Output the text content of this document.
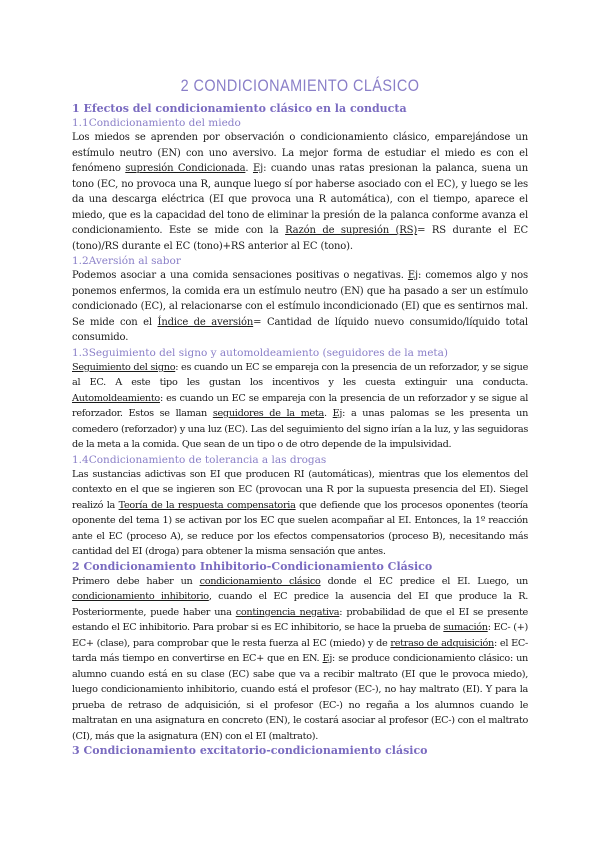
2 CONDICIONAMIENTO CLÁSICO
1 Efectos del condicionamiento clásico en la conducta
1.1Condicionamiento del miedo

Los miedos se aprenden por observación o condicionamiento clásico, emparejándose un estímulo neutro (EN) con uno aversivo. La mejor forma de estudiar el miedo es con el fenómeno supresión Condicionada. Ej: cuando unas ratas presionan la palanca, suena un tono (EC, no provoca una R, aunque luego sí por haberse asociado con el EC), y luego se les da una descarga eléctrica (EI que provoca una R automática), con el tiempo, aparece el miedo, que es la capacidad del tono de eliminar la presión de la palanca conforme avanza el condicionamiento. Este se mide con la Razón de supresión (RS)= RS durante el EC (tono)/RS durante el EC (tono)+RS anterior al EC (tono).

1.2Aversión al sabor

Podemos asociar a una comida sensaciones positivas o negativas. Ej: comemos algo y nos ponemos enfermos, la comida era un estímulo neutro (EN) que ha pasado a ser un estímulo condicionado (EC), al relacionarse con el estímulo incondicionado (EI) que es sentirnos mal. Se mide con el Índice de aversión= Cantidad de líquido nuevo consumido/líquido total consumido.

1.3Seguimiento del signo y automoldeamiento (seguidores de la meta)

Seguimiento del signo: es cuando un EC se empareja con la presencia de un reforzador, y se sigue al EC. A este tipo les gustan los incentivos y les cuesta extinguir una conducta. Automoldeamiento: es cuando un EC se empareja con la presencia de un reforzador y se sigue al reforzador. Estos se llaman seguidores de la meta. Ej: a unas palomas se les presenta un comedero (reforzador) y una luz (EC). Las del seguimiento del signo irían a la luz, y las seguidoras de la meta a la comida. Que sean de un tipo o de otro depende de la impulsividad.

1.4Condicionamiento de tolerancia a las drogas

Las sustancias adictivas son EI que producen RI (automáticas), mientras que los elementos del contexto en el que se ingieren son EC (provocan una R por la supuesta presencia del EI). Siegel realizó la Teoría de la respuesta compensatoria que defiende que los procesos oponentes (teoría oponente del tema 1) se activan por los EC que suelen acompañar al EI. Entonces, la 1º reacción ante el EC (proceso A), se reduce por los efectos compensatorios (proceso B), necesitando más cantidad del EI (droga) para obtener la misma sensación que antes.

2 Condicionamiento Inhibitorio-Condicionamiento Clásico

Primero debe haber un condicionamiento clásico donde el EC predice el EI. Luego, un condicionamiento inhibitorio, cuando el EC predice la ausencia del EI que produce la R. Posteriormente, puede haber una contingencia negativa: probabilidad de que el EI se presente estando el EC inhibitorio. Para probar si es EC inhibitorio, se hace la prueba de sumación: EC- (+) EC+ (clase), para comprobar que le resta fuerza al EC (miedo) y de retraso de adquisición: el EC- tarda más tiempo en convertirse en EC+ que en EN. Ej: se produce condicionamiento clásico: un alumno cuando está en su clase (EC) sabe que va a recibir maltrato (EI que le provoca miedo), luego condicionamiento inhibitorio, cuando está el profesor (EC-), no hay maltrato (EI). Y para la prueba de retraso de adquisición, si el profesor (EC-) no regaña a los alumnos cuando le maltratan en una asignatura en concreto (EN), le costará asociar al profesor (EC-) con el maltrato (CI), más que la asignatura (EN) con el EI (maltrato).

3 Condicionamiento excitatorio-condicionamiento clásico
